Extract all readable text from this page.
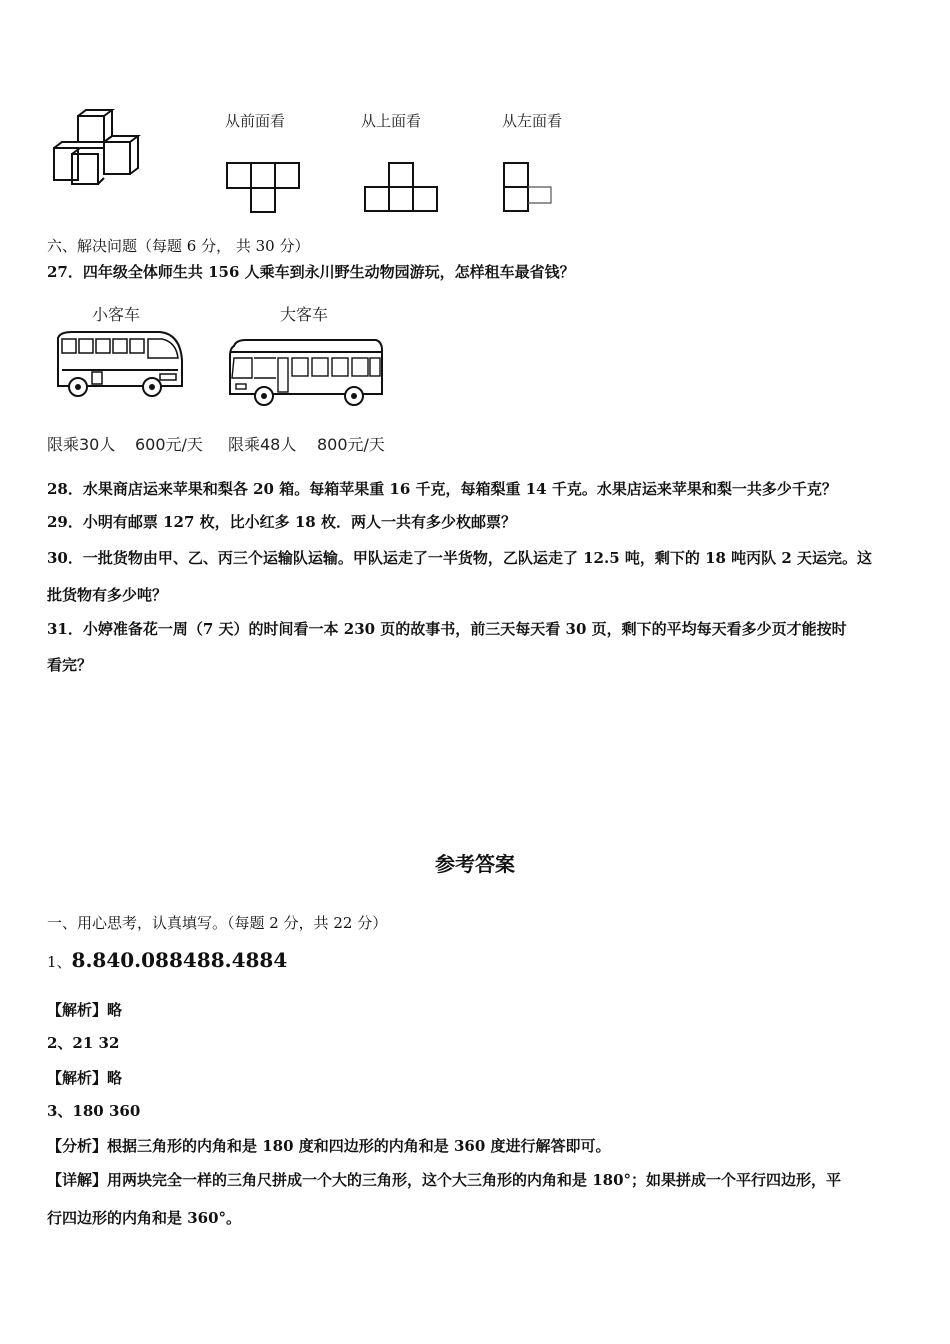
从前面看	从上面看	从左面看
六、解决问题（每题 6 分， 共 30 分）
27．四年级全体师生共 156 人乘车到永川野生动物园游玩，怎样租车最省钱？
小客车	大客车
限乘30人 600元/天 限乘48人 800元/天
28．水果商店运来苹果和梨各 20 箱。每箱苹果重 16 千克，每箱梨重 14 千克。水果店运来苹果和梨一共多少千克？
29．小明有邮票 127 枚，比小红多 18 枚．两人一共有多少枚邮票？
30．一批货物由甲、乙、丙三个运输队运输。甲队运走了一半货物，乙队运走了 12.5 吨，剩下的 18 吨丙队 2 天运完。这
批货物有多少吨？
31．小婷准备花一周（7 天）的时间看一本 230 页的故事书，前三天每天看 30 页，剩下的平均每天看多少页才能按时
看完？
参考答案
一、用心思考，认真填写。（每题 2 分，共 22 分）
1、8.840.088488.4884
【解析】略
2、21 32
【解析】略
3、180 360
【分析】根据三角形的内角和是 180 度和四边形的内角和是 360 度进行解答即可。
【详解】用两块完全一样的三角尺拼成一个大的三角形，这个大三角形的内角和是 180°；如果拼成一个平行四边形，平
行四边形的内角和是 360°。
